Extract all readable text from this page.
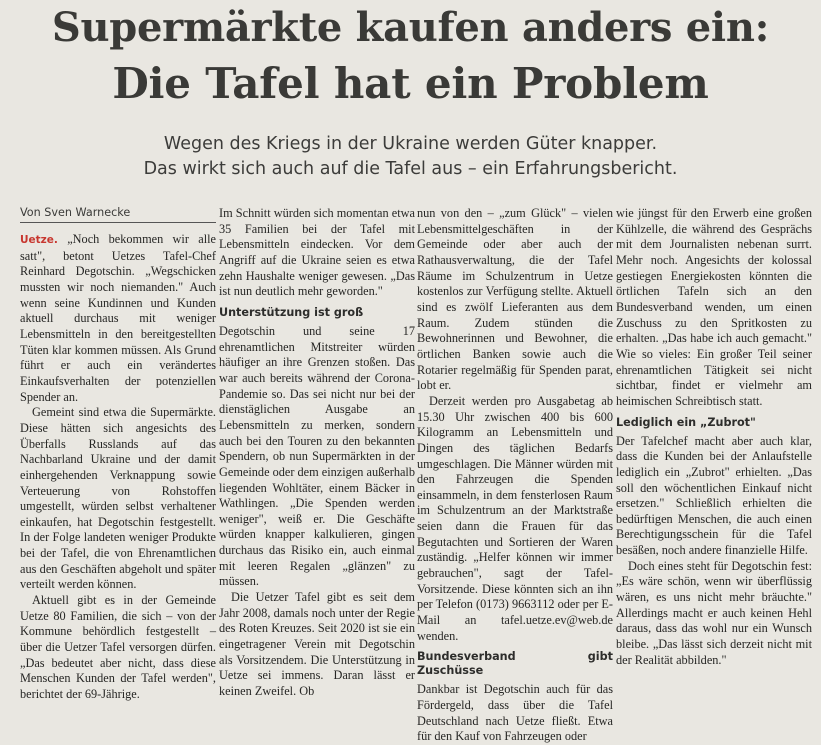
Supermärkte kaufen anders ein:
Die Tafel hat ein Problem
Wegen des Kriegs in der Ukraine werden Güter knapper.
Das wirkt sich auch auf die Tafel aus – ein Erfahrungsbericht.
Von Sven Warnecke

Uetze. „Noch bekommen wir alle satt", betont Uetzes Tafel-Chef Reinhard Degotschin. „Wegschicken mussten wir noch niemanden." Auch wenn seine Kundinnen und Kunden aktuell durchaus mit weniger Lebensmitteln in den bereitgestellten Tüten klar kommen müssen. Als Grund führt er auch ein verändertes Einkaufsverhalten der potenziellen Spender an.

Gemeint sind etwa die Supermärkte. Diese hätten sich angesichts des Überfalls Russlands auf das Nachbarland Ukraine und der damit einhergehenden Verknappung sowie Verteuerung von Rohstoffen umgestellt, würden selbst verhaltener einkaufen, hat Degotschin festgestellt. In der Folge landeten weniger Produkte bei der Tafel, die von Ehrenamtlichen aus den Geschäften abgeholt und später verteilt werden können.

Aktuell gibt es in der Gemeinde Uetze 80 Familien, die sich – von der Kommune behördlich festgestellt – über die Uetzer Tafel versorgen dürfen. „Das bedeutet aber nicht, dass diese Menschen Kunden der Tafel werden", berichtet der 69-Jährige.

Im Schnitt würden sich momentan etwa 35 Familien bei der Tafel mit Lebensmitteln eindecken. Vor dem Angriff auf die Ukraine seien es etwa zehn Haushalte weniger gewesen. „Das ist nun deutlich mehr geworden."

Unterstützung ist groß

Degotschin und seine 17 ehrenamtlichen Mitstreiter würden häufiger an ihre Grenzen stoßen. Das war auch bereits während der Corona-Pandemie so. Das sei nicht nur bei der dienstäglichen Ausgabe an Lebensmitteln zu merken, sondern auch bei den Touren zu den bekannten Spendern, ob nun Supermärkten in der Gemeinde oder dem einzigen außerhalb liegenden Wohltäter, einem Bäcker in Wathlingen. „Die Spenden werden weniger", weiß er. Die Geschäfte würden knapper kalkulieren, gingen durchaus das Risiko ein, auch einmal mit leeren Regalen „glänzen" zu müssen.

Die Uetzer Tafel gibt es seit dem Jahr 2008, damals noch unter der Regie des Roten Kreuzes. Seit 2020 ist sie ein eingetragener Verein mit Degotschin als Vorsitzendem. Die Unterstützung in Uetze sei immens. Daran lässt er keinen Zweifel. Ob

nun von den – „zum Glück" – vielen Lebensmittelgeschäften in der Gemeinde oder aber auch der Rathausverwaltung, die der Tafel Räume im Schulzentrum in Uetze kostenlos zur Verfügung stellte. Aktuell sind es zwölf Lieferanten aus dem Raum. Zudem stünden die Bewohnerinnen und Bewohner, die örtlichen Banken sowie auch die Rotarier regelmäßig für Spenden parat, lobt er.

Derzeit werden pro Ausgabetag ab 15.30 Uhr zwischen 400 bis 600 Kilogramm an Lebensmitteln und Dingen des täglichen Bedarfs umgeschlagen. Die Männer würden mit den Fahrzeugen die Spenden einsammeln, in dem fensterlosen Raum im Schulzentrum an der Marktstraße seien dann die Frauen für das Begutachten und Sortieren der Waren zuständig. „Helfer können wir immer gebrauchen", sagt der Tafel-Vorsitzende. Diese könnten sich an ihn per Telefon (0173) 9663112 oder per E-Mail an tafel.uetze.ev@web.de wenden.

Bundesverband gibt Zuschüsse

Dankbar ist Degotschin auch für das Fördergeld, dass über die Tafel Deutschland nach Uetze fließt. Etwa für den Kauf von Fahrzeugen oder

wie jüngst für den Erwerb eine großen Kühlzelle, die während des Gesprächs mit dem Journalisten nebenan surrt. Mehr noch. Angesichts der kolossal gestiegen Energiekosten könnten die örtlichen Tafeln sich an den Bundesverband wenden, um einen Zuschuss zu den Spritkosten zu erhalten. „Das habe ich auch gemacht." Wie so vieles: Ein großer Teil seiner ehrenamtlichen Tätigkeit sei nicht sichtbar, findet er vielmehr am heimischen Schreibtisch statt.

Lediglich ein „Zubrot"

Der Tafelchef macht aber auch klar, dass die Kunden bei der Anlaufstelle lediglich ein „Zubrot" erhielten. „Das soll den wöchentlichen Einkauf nicht ersetzen." Schließlich erhielten die bedürftigen Menschen, die auch einen Berechtigungsschein für die Tafel besäßen, noch andere finanzielle Hilfe.

Doch eines steht für Degotschin fest: „Es wäre schön, wenn wir überflüssig wären, es uns nicht mehr bräuchte." Allerdings macht er auch keinen Hehl daraus, dass das wohl nur ein Wunsch bleibe. „Das lässt sich derzeit nicht mit der Realität abbilden."
